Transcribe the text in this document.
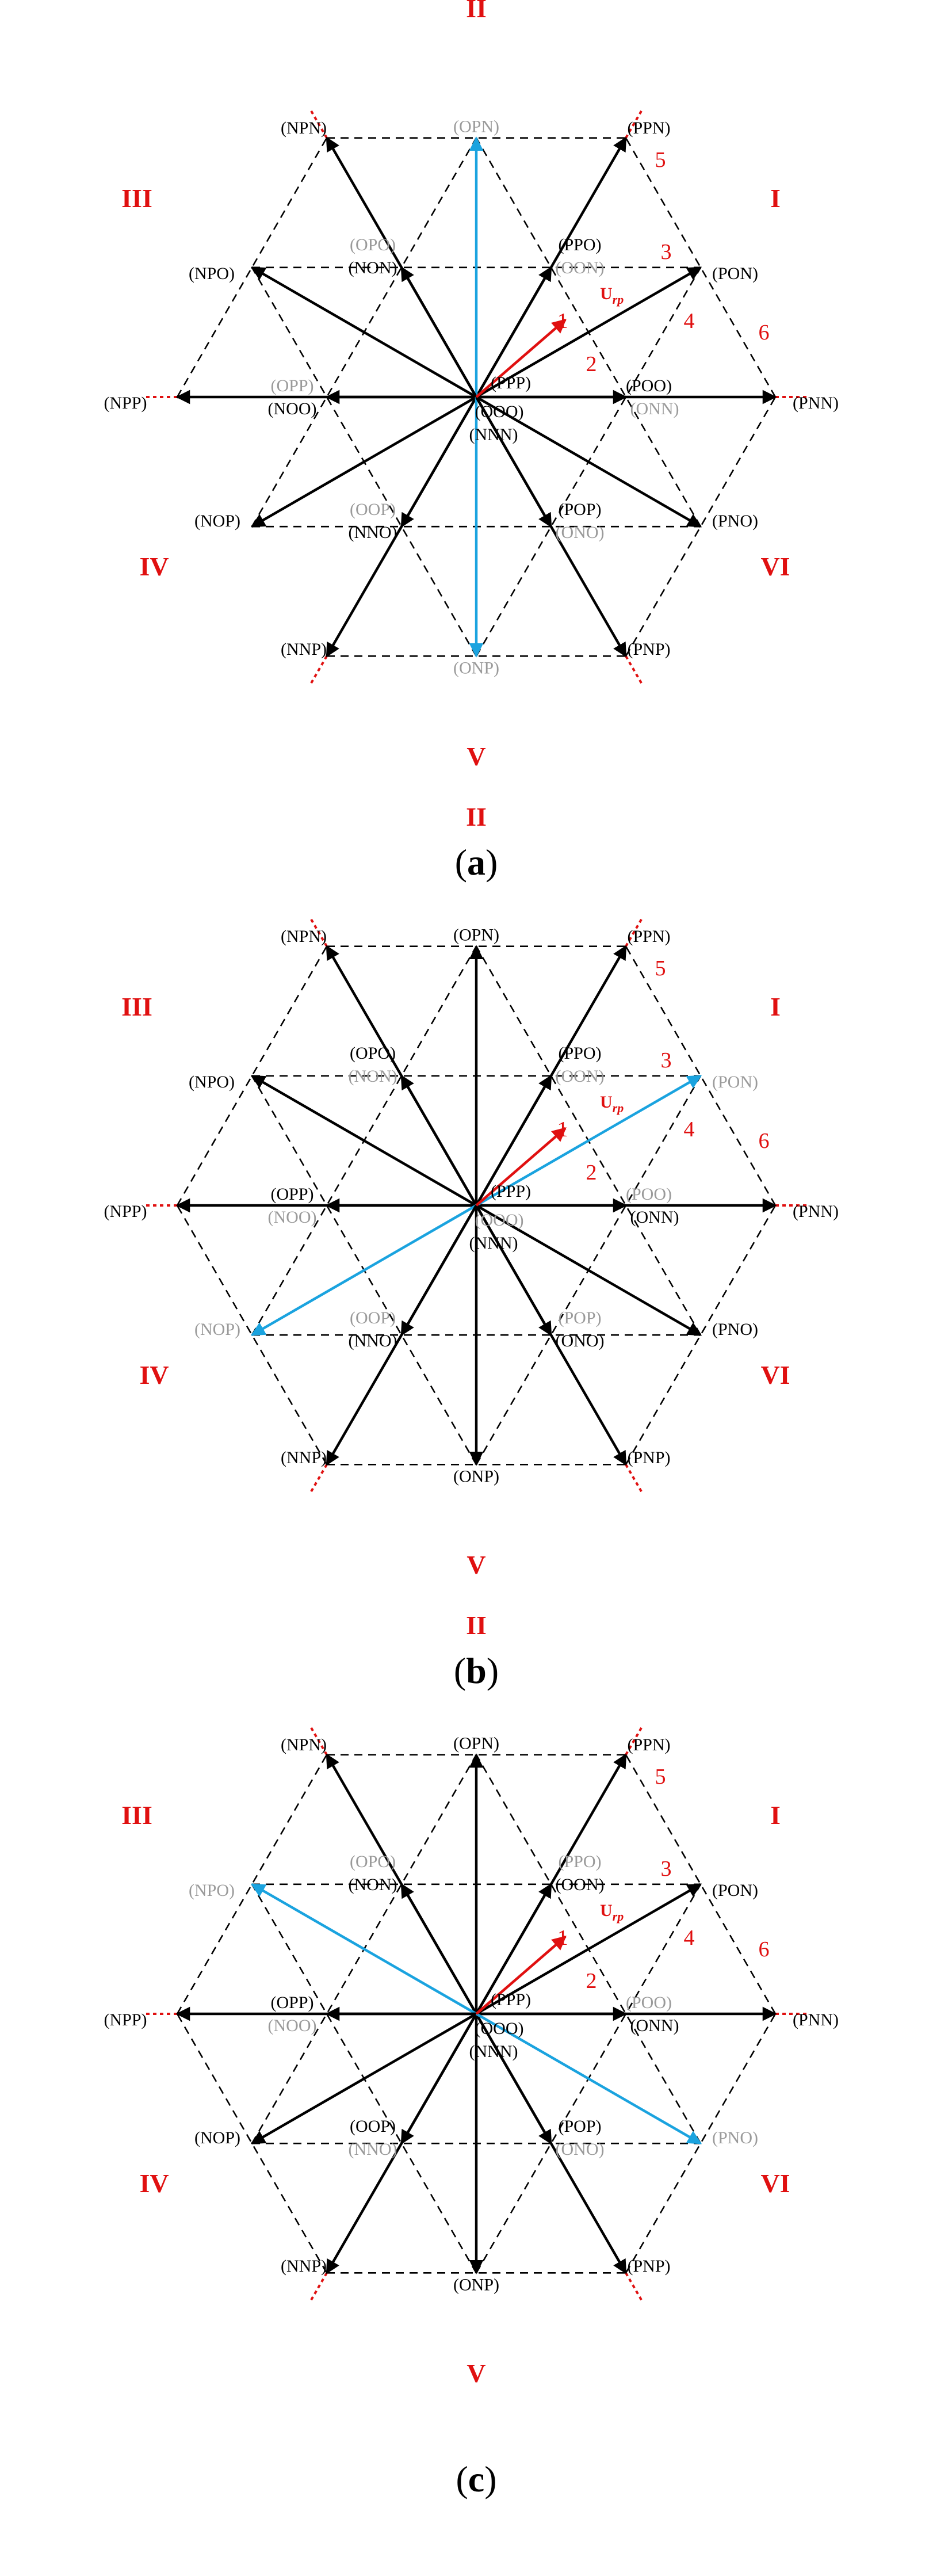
$U_{rp}$
1
2
3
4
5
6
I
II
III
IV
V
VI
(PNN)
(NPP)
(PPN)
(NPN)
(NNP)	(PNP)
(PON)
(OPN)
(NPO)
(NOP)
(ONP)
(PNO)
(POO)
(ONN)
(PPO)
(OON)
(OPO)
(NON)
(OPP)
(NOO)
(OOP)
(NNO)
(POP)
(ONO)
(PPP)
(OOO)
(NNN)
(a)
$U_{rp}$
1
2
3
4
5
6
I
II
III
IV
V
VI
(PNN)
(NPP)
(PPN)
(NPN)
(NNP)	(PNP)
(PON)
(OPN)
(NPO)
(NOP)
(ONP)
(PNO)
(POO)
(ONN)
(PPO)
(OON)
(OPO)
(NON)
(OPP)
(NOO)
(OOP)
(NNO)
(POP)
(ONO)
(PPP)
(OOO)
(NNN)
(b)
$U_{rp}$
1
2
3
4
5
6
I
II
III
IV
V
VI
(PNN)
(NPP)
(PPN)
(NPN)
(NNP)	(PNP)
(PON)
(OPN)
(NPO)
(NOP)
(ONP)
(PNO)
(POO)
(ONN)
(PPO)
(OON)
(OPO)
(NON)
(OPP)
(NOO)
(OOP)
(NNO)
(POP)
(ONO)
(PPP)
(OOO)
(NNN)
(c)
